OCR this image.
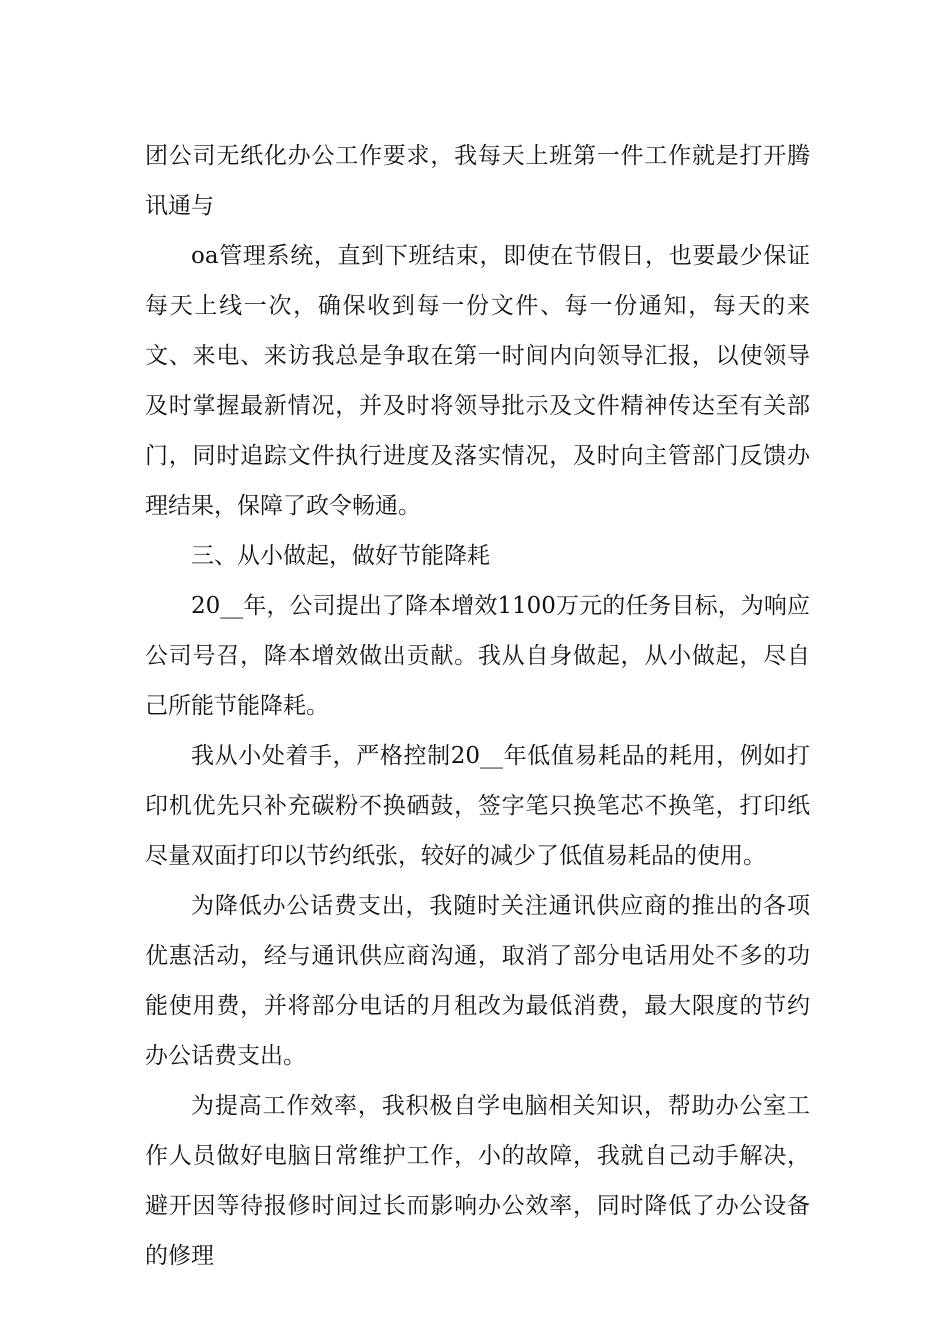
团公司无纸化办公工作要求，我每天上班第一件工作就是打开腾讯通与

oa管理系统，直到下班结束，即使在节假日，也要最少保证每天上线一次，确保收到每一份文件、每一份通知，每天的来文、来电、来访我总是争取在第一时间内向领导汇报，以使领导及时掌握最新情况，并及时将领导批示及文件精神传达至有关部门，同时追踪文件执行进度及落实情况，及时向主管部门反馈办理结果，保障了政令畅通。

三、从小做起，做好节能降耗

20__年，公司提出了降本增效1100万元的任务目标，为响应公司号召，降本增效做出贡献。我从自身做起，从小做起，尽自己所能节能降耗。

我从小处着手，严格控制20__年低值易耗品的耗用，例如打印机优先只补充碳粉不换硒鼓，签字笔只换笔芯不换笔，打印纸尽量双面打印以节约纸张，较好的减少了低值易耗品的使用。

为降低办公话费支出，我随时关注通讯供应商的推出的各项优惠活动，经与通讯供应商沟通，取消了部分电话用处不多的功能使用费，并将部分电话的月租改为最低消费，最大限度的节约办公话费支出。

为提高工作效率，我积极自学电脑相关知识，帮助办公室工作人员做好电脑日常维护工作，小的故障，我就自己动手解决，避开因等待报修时间过长而影响办公效率，同时降低了办公设备的修理
